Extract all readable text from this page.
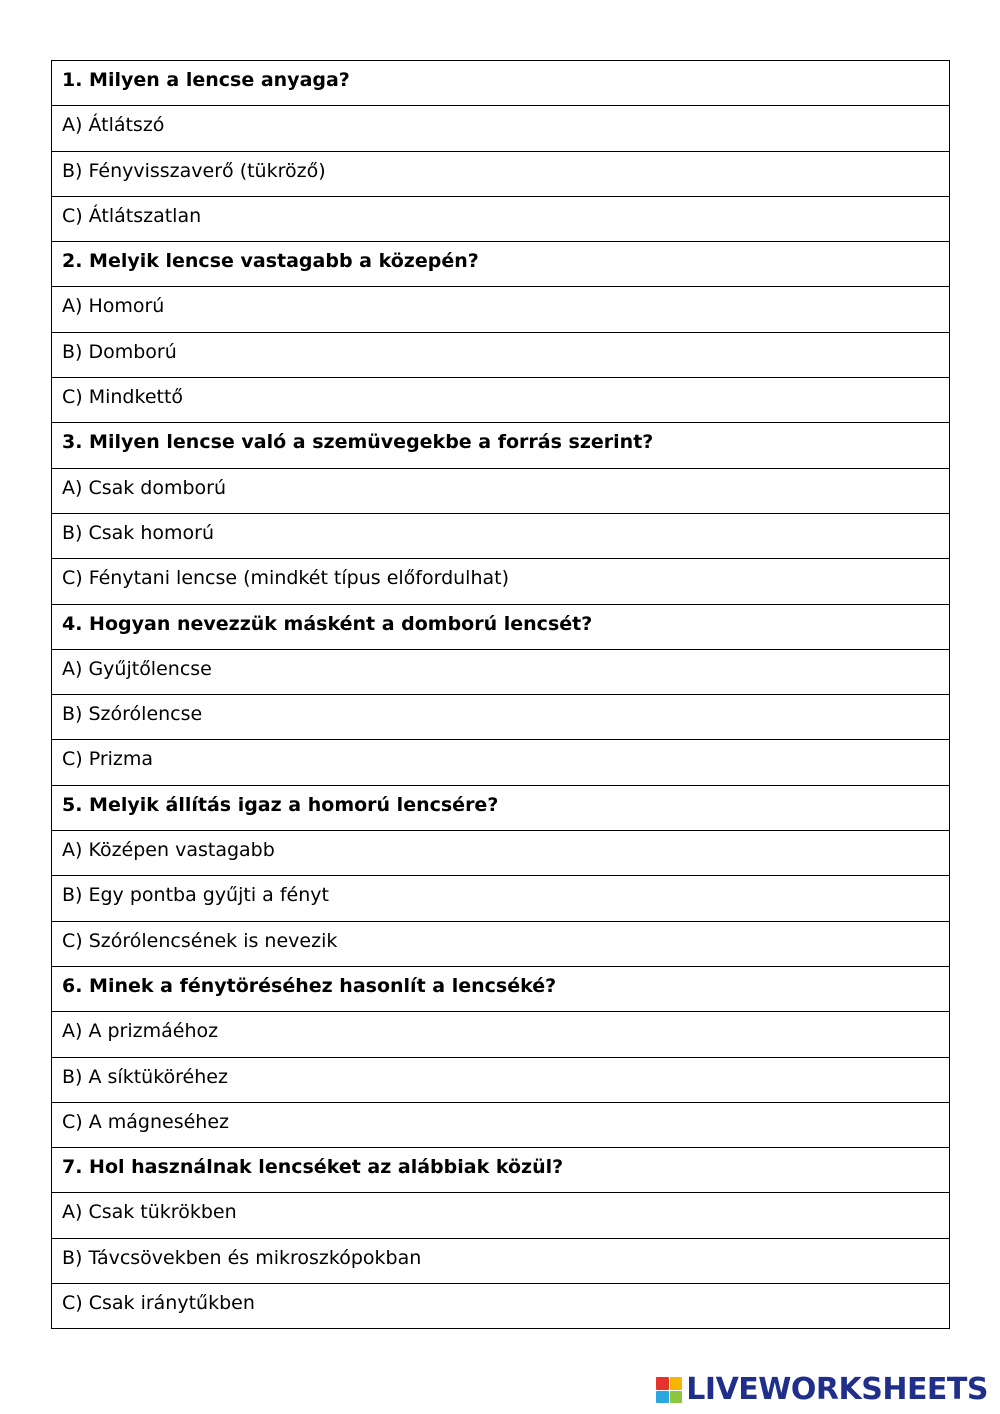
1. Milyen a lencse anyaga?

A) Átlátszó

B) Fényvisszaverő (tükröző)

C) Átlátszatlan

2. Melyik lencse vastagabb a közepén?

A) Homorú

B) Domború

C) Mindkettő

3. Milyen lencse való a szemüvegekbe a forrás szerint?

A) Csak domború

B) Csak homorú

C) Fénytani lencse (mindkét típus előfordulhat)

4. Hogyan nevezzük másként a domború lencsét?

A) Gyűjtőlencse

B) Szórólencse

C) Prizma

5. Melyik állítás igaz a homorú lencsére?

A) Középen vastagabb

B) Egy pontba gyűjti a fényt

C) Szórólencsének is nevezik

6. Minek a fénytöréséhez hasonlít a lencséké?

A) A prizmáéhoz

B) A síktüköréhez

C) A mágneséhez

7. Hol használnak lencséket az alábbiak közül?

A) Csak tükrökben

B) Távcsövekben és mikroszkópokban

C) Csak iránytűkben
LIVEWORKSHEETS
